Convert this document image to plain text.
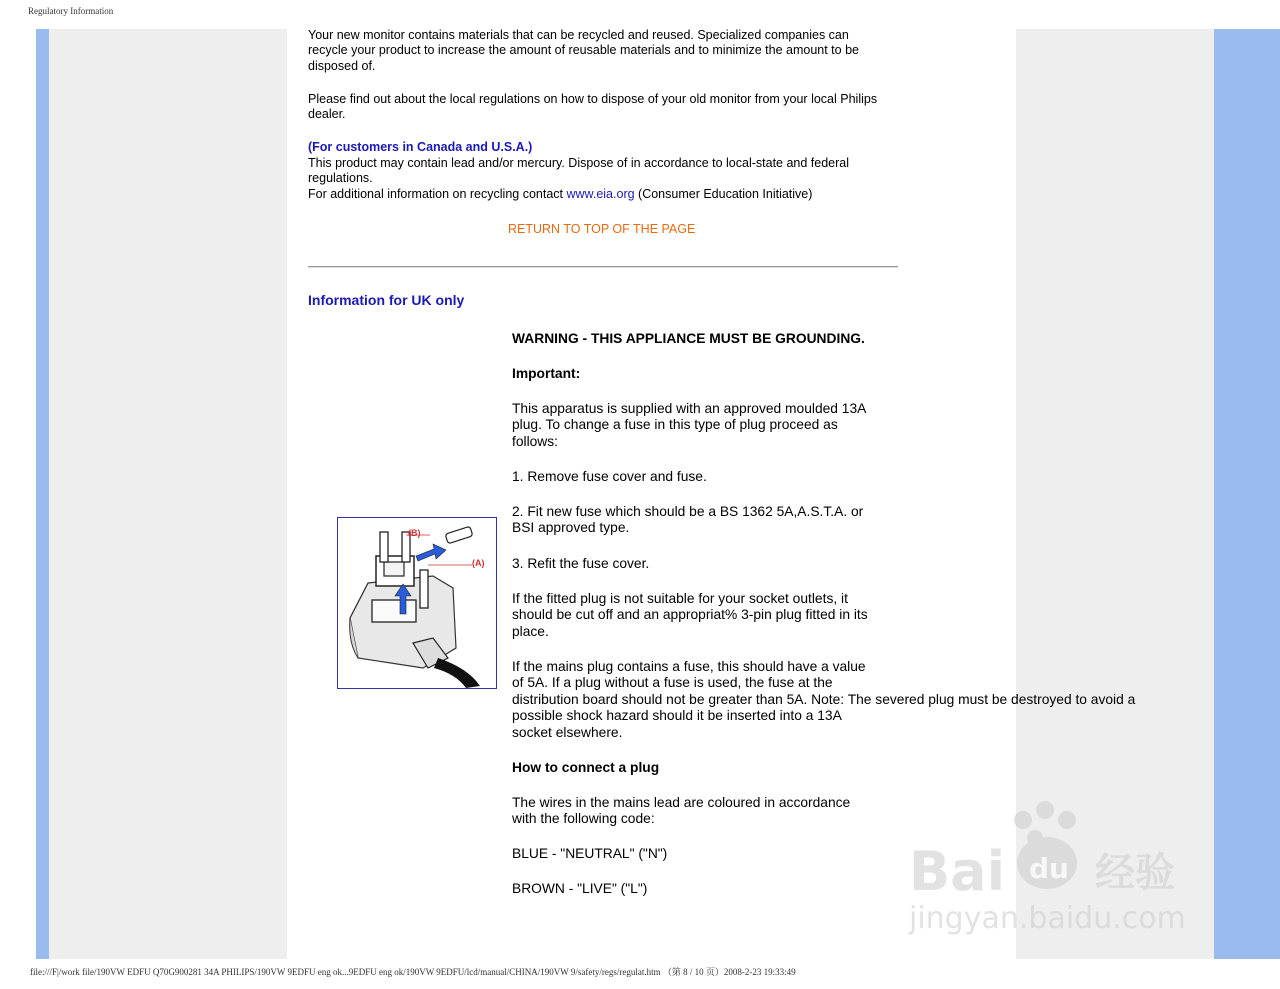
Regulatory Information

Your new monitor contains materials that can be recycled and reused. Specialized companies can recycle your product to increase the amount of reusable materials and to minimize the amount to be disposed of.

Please find out about the local regulations on how to dispose of your old monitor from your local Philips dealer.

(For customers in Canada and U.S.A.)

This product may contain lead and/or mercury. Dispose of in accordance to local-state and federal regulations.

For additional information on recycling contact www.eia.org (Consumer Education Initiative)

RETURN TO TOP OF THE PAGE
Information for UK only

WARNING - THIS APPLIANCE MUST BE GROUNDING.

Important:

This apparatus is supplied with an approved moulded 13A plug. To change a fuse in this type of plug proceed as follows:

1. Remove fuse cover and fuse.

2. Fit new fuse which should be a BS 1362 5A,A.S.T.A. or BSI approved type.

3. Refit the fuse cover.

If the fitted plug is not suitable for your socket outlets, it should be cut off and an appropriat% 3-pin plug fitted in its place.

If the mains plug contains a fuse, this should have a value
of 5A. If a plug without a fuse is used, the fuse at the
distribution board should not be greater than 5A. Note: The severed plug must be destroyed to avoid a
possible shock hazard should it be inserted into a 13A
socket elsewhere.

How to connect a plug

The wires in the mains lead are coloured in accordance with the following code:

BLUE - "NEUTRAL" ("N")

BROWN - "LIVE" ("L")

(B)
(A)
Bai du 经验
jingyan.baidu.com
file:///F|/work file/190VW EDFU Q70G900281 34A PHILIPS/190VW 9EDFU eng ok...9EDFU eng ok/190VW 9EDFU/lcd/manual/CHINA/190VW 9/safety/regs/regulat.htm （第 8 / 10 页）2008-2-23 19:33:49
